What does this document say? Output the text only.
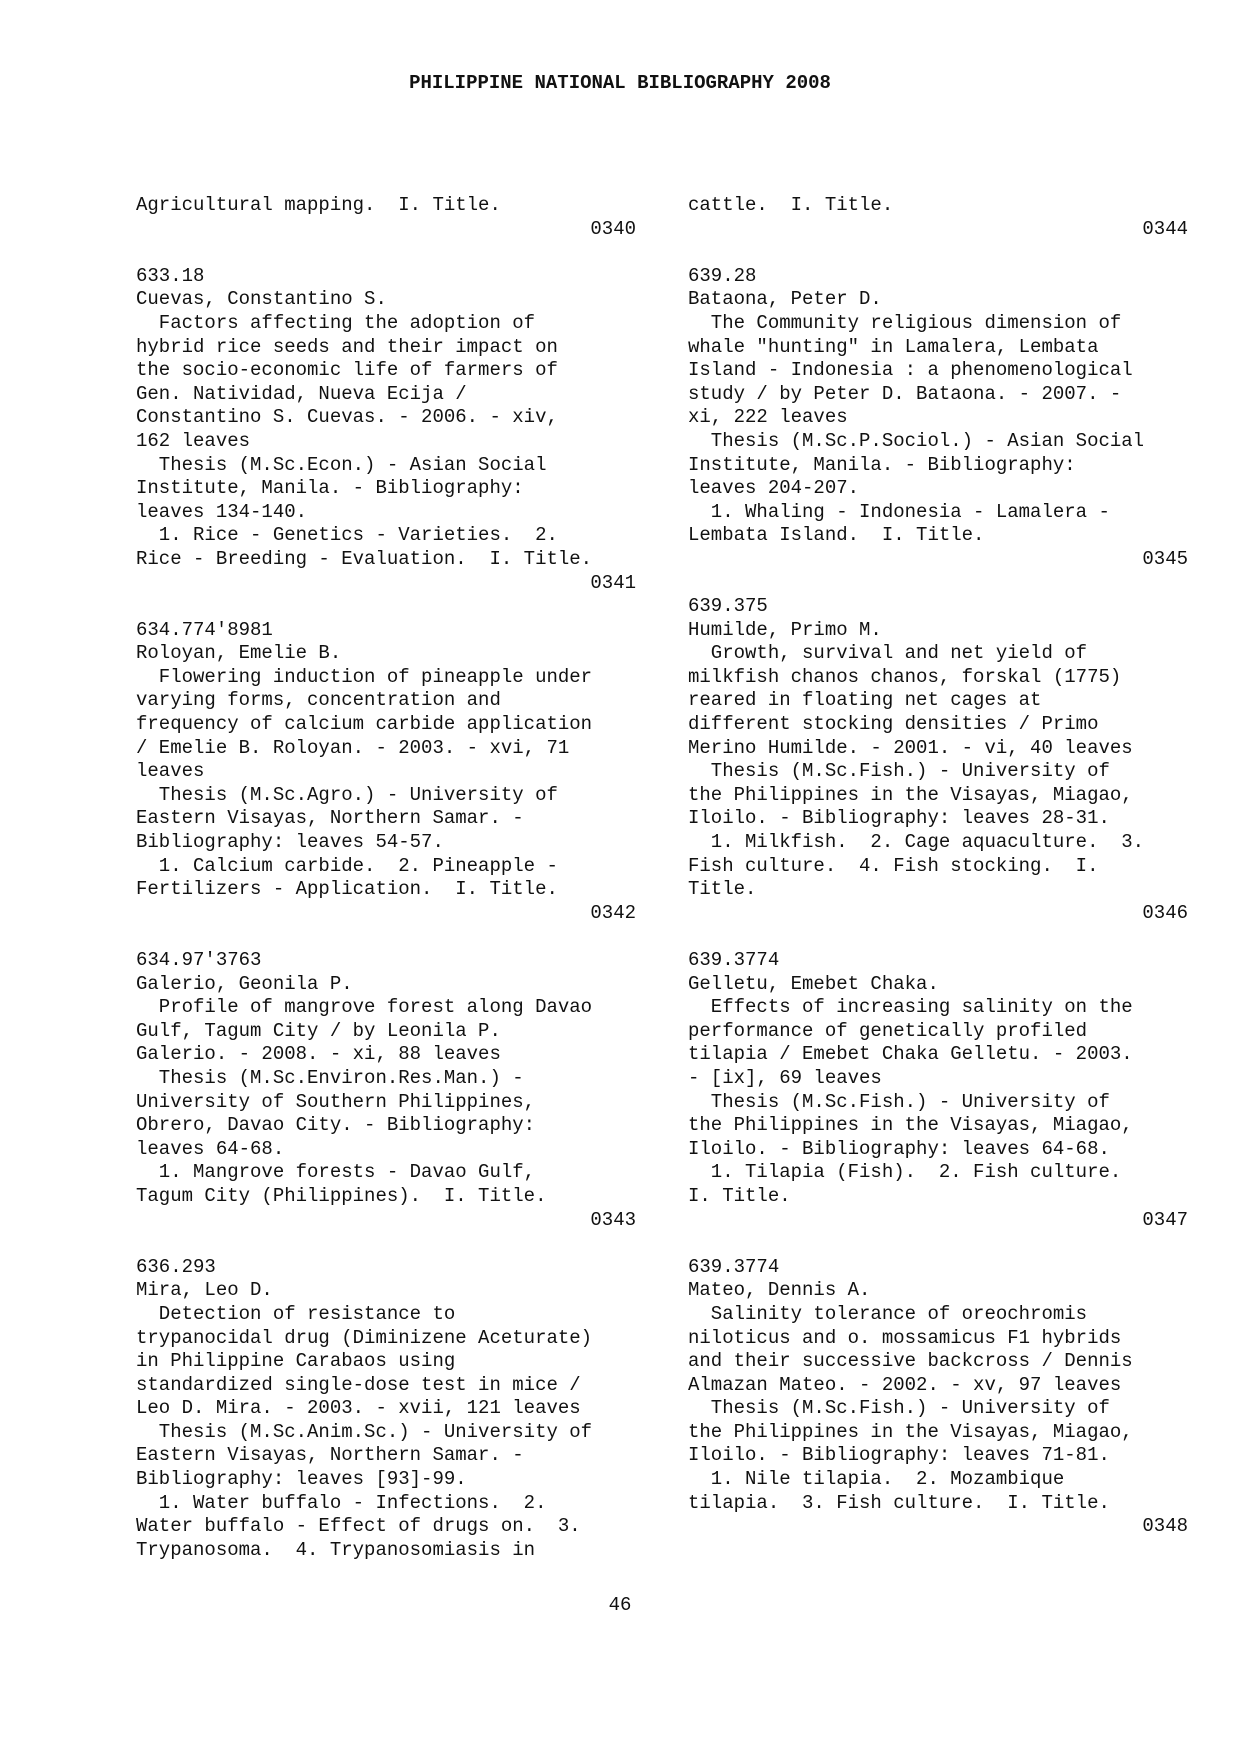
PHILIPPINE NATIONAL BIBLIOGRAPHY 2008
Agricultural mapping.  I. Title.
0340
633.18
Cuevas, Constantino S.
Factors affecting the adoption of
hybrid rice seeds and their impact on
the socio-economic life of farmers of
Gen. Natividad, Nueva Ecija /
Constantino S. Cuevas. - 2006. - xiv,
162 leaves
Thesis (M.Sc.Econ.) - Asian Social
Institute, Manila. - Bibliography:
leaves 134-140.
1. Rice - Genetics - Varieties.  2.
Rice - Breeding - Evaluation.  I. Title.
0341
634.774'8981
Roloyan, Emelie B.
Flowering induction of pineapple under
varying forms, concentration and
frequency of calcium carbide application
/ Emelie B. Roloyan. - 2003. - xvi, 71
leaves
Thesis (M.Sc.Agro.) - University of
Eastern Visayas, Northern Samar. -
Bibliography: leaves 54-57.
1. Calcium carbide.  2. Pineapple -
Fertilizers - Application.  I. Title.
0342
634.97'3763
Galerio, Geonila P.
Profile of mangrove forest along Davao
Gulf, Tagum City / by Leonila P.
Galerio. - 2008. - xi, 88 leaves
Thesis (M.Sc.Environ.Res.Man.) -
University of Southern Philippines,
Obrero, Davao City. - Bibliography:
leaves 64-68.
1. Mangrove forests - Davao Gulf,
Tagum City (Philippines).  I. Title.
0343
636.293
Mira, Leo D.
Detection of resistance to
trypanocidal drug (Diminizene Aceturate)
in Philippine Carabaos using
standardized single-dose test in mice /
Leo D. Mira. - 2003. - xvii, 121 leaves
Thesis (M.Sc.Anim.Sc.) - University of
Eastern Visayas, Northern Samar. -
Bibliography: leaves [93]-99.
1. Water buffalo - Infections.  2.
Water buffalo - Effect of drugs on.  3.
Trypanosoma.  4. Trypanosomiasis in
cattle.  I. Title.
0344
639.28
Bataona, Peter D.
The Community religious dimension of
whale "hunting" in Lamalera, Lembata
Island - Indonesia : a phenomenological
study / by Peter D. Bataona. - 2007. -
xi, 222 leaves
Thesis (M.Sc.P.Sociol.) - Asian Social
Institute, Manila. - Bibliography:
leaves 204-207.
1. Whaling - Indonesia - Lamalera -
Lembata Island.  I. Title.
0345
639.375
Humilde, Primo M.
Growth, survival and net yield of
milkfish chanos chanos, forskal (1775)
reared in floating net cages at
different stocking densities / Primo
Merino Humilde. - 2001. - vi, 40 leaves
Thesis (M.Sc.Fish.) - University of
the Philippines in the Visayas, Miagao,
Iloilo. - Bibliography: leaves 28-31.
1. Milkfish.  2. Cage aquaculture.  3.
Fish culture.  4. Fish stocking.  I.
Title.
0346
639.3774
Gelletu, Emebet Chaka.
Effects of increasing salinity on the
performance of genetically profiled
tilapia / Emebet Chaka Gelletu. - 2003.
- [ix], 69 leaves
Thesis (M.Sc.Fish.) - University of
the Philippines in the Visayas, Miagao,
Iloilo. - Bibliography: leaves 64-68.
1. Tilapia (Fish).  2. Fish culture.
I. Title.
0347
639.3774
Mateo, Dennis A.
Salinity tolerance of oreochromis
niloticus and o. mossamicus F1 hybrids
and their successive backcross / Dennis
Almazan Mateo. - 2002. - xv, 97 leaves
Thesis (M.Sc.Fish.) - University of
the Philippines in the Visayas, Miagao,
Iloilo. - Bibliography: leaves 71-81.
1. Nile tilapia.  2. Mozambique
tilapia.  3. Fish culture.  I. Title.
0348
46
